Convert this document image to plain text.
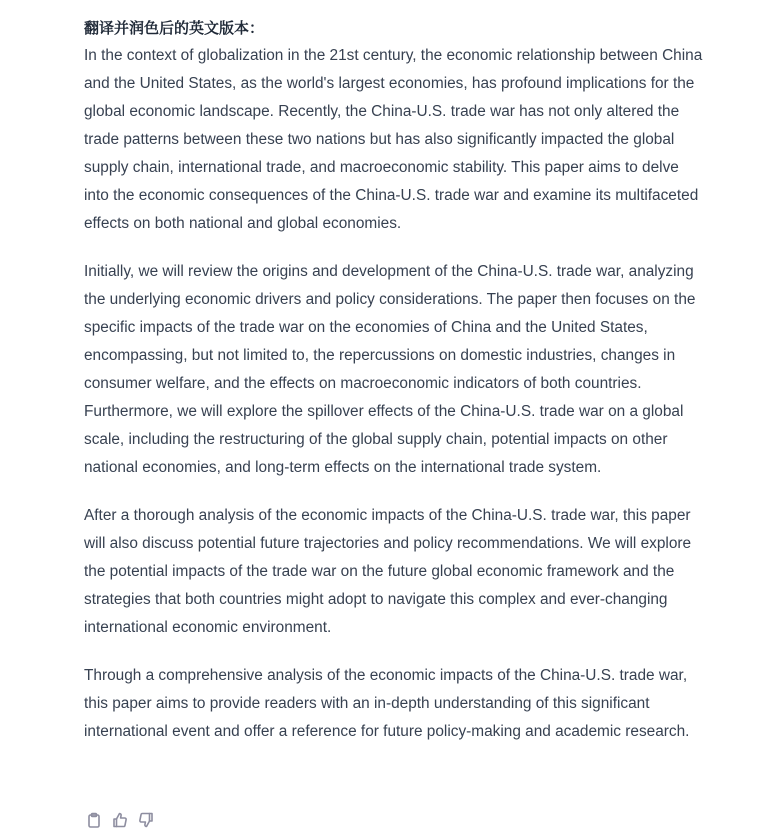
翻译并润色后的英文版本：

In the context of globalization in the 21st century, the economic relationship between China and the United States, as the world's largest economies, has profound implications for the global economic landscape. Recently, the China-U.S. trade war has not only altered the trade patterns between these two nations but has also significantly impacted the global supply chain, international trade, and macroeconomic stability. This paper aims to delve into the economic consequences of the China-U.S. trade war and examine its multifaceted effects on both national and global economies.

Initially, we will review the origins and development of the China-U.S. trade war, analyzing the underlying economic drivers and policy considerations. The paper then focuses on the specific impacts of the trade war on the economies of China and the United States, encompassing, but not limited to, the repercussions on domestic industries, changes in consumer welfare, and the effects on macroeconomic indicators of both countries. Furthermore, we will explore the spillover effects of the China-U.S. trade war on a global scale, including the restructuring of the global supply chain, potential impacts on other national economies, and long-term effects on the international trade system.

After a thorough analysis of the economic impacts of the China-U.S. trade war, this paper will also discuss potential future trajectories and policy recommendations. We will explore the potential impacts of the trade war on the future global economic framework and the strategies that both countries might adopt to navigate this complex and ever-changing international economic environment.

Through a comprehensive analysis of the economic impacts of the China-U.S. trade war, this paper aims to provide readers with an in-depth understanding of this significant international event and offer a reference for future policy-making and academic research.
